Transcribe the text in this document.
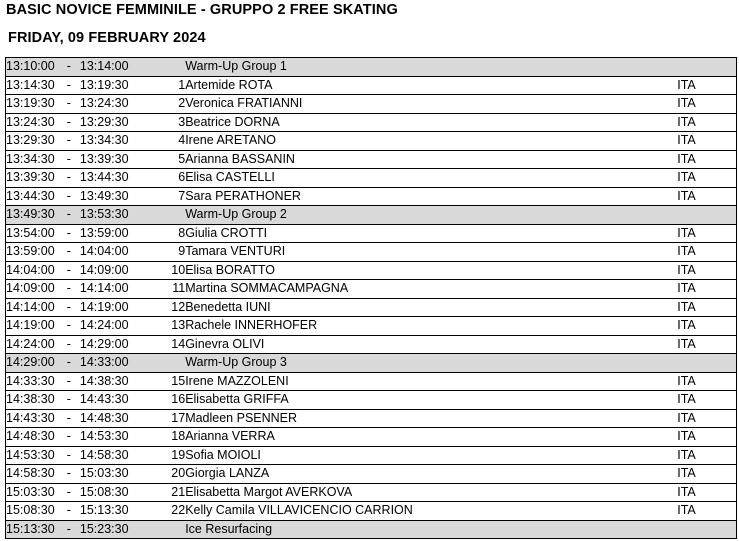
BASIC NOVICE FEMMINILE - GRUPPO 2 FREE SKATING
FRIDAY, 09 FEBRUARY 2024
13:10:00	-	13:14:00		Warm-Up Group 1	
13:14:30	-	13:19:30	1	Artemide ROTA	ITA
13:19:30	-	13:24:30	2	Veronica FRATIANNI	ITA
13:24:30	-	13:29:30	3	Beatrice DORNA	ITA
13:29:30	-	13:34:30	4	Irene ARETANO	ITA
13:34:30	-	13:39:30	5	Arianna BASSANIN	ITA
13:39:30	-	13:44:30	6	Elisa CASTELLI	ITA
13:44:30	-	13:49:30	7	Sara PERATHONER	ITA
13:49:30	-	13:53:30		Warm-Up Group 2	
13:54:00	-	13:59:00	8	Giulia CROTTI	ITA
13:59:00	-	14:04:00	9	Tamara VENTURI	ITA
14:04:00	-	14:09:00	10	Elisa BORATTO	ITA
14:09:00	-	14:14:00	11	Martina SOMMACAMPAGNA	ITA
14:14:00	-	14:19:00	12	Benedetta IUNI	ITA
14:19:00	-	14:24:00	13	Rachele INNERHOFER	ITA
14:24:00	-	14:29:00	14	Ginevra OLIVI	ITA
14:29:00	-	14:33:00		Warm-Up Group 3	
14:33:30	-	14:38:30	15	Irene MAZZOLENI	ITA
14:38:30	-	14:43:30	16	Elisabetta GRIFFA	ITA
14:43:30	-	14:48:30	17	Madleen PSENNER	ITA
14:48:30	-	14:53:30	18	Arianna VERRA	ITA
14:53:30	-	14:58:30	19	Sofia MOIOLI	ITA
14:58:30	-	15:03:30	20	Giorgia LANZA	ITA
15:03:30	-	15:08:30	21	Elisabetta Margot AVERKOVA	ITA
15:08:30	-	15:13:30	22	Kelly Camila VILLAVICENCIO CARRION	ITA
15:13:30	-	15:23:30		Ice Resurfacing	
